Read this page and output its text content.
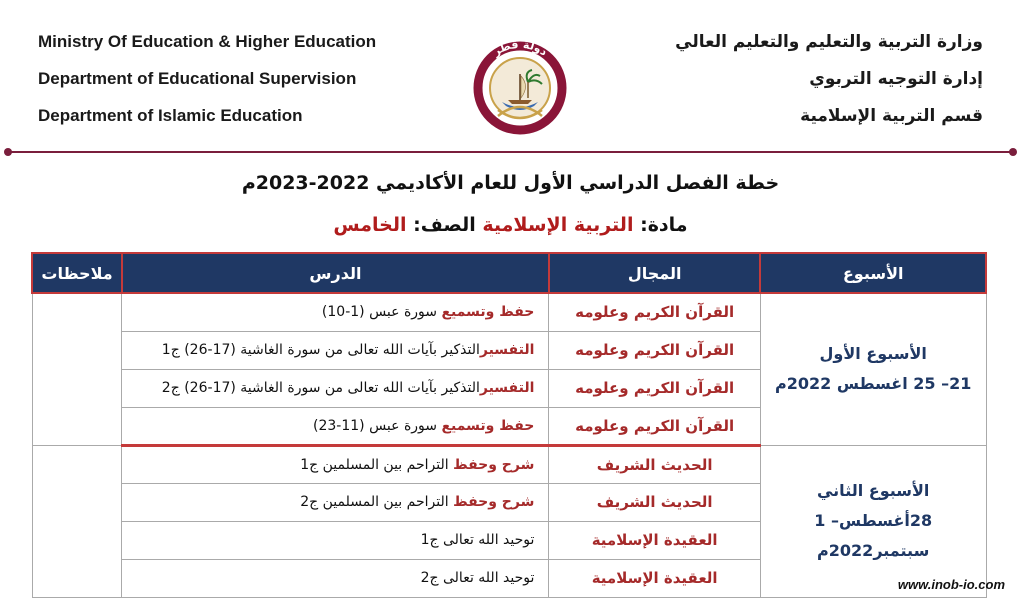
Ministry Of Education & Higher Education
Department of Educational Supervision
Department of Islamic Education
وزارة التربية والتعليم والتعليم العالي
إدارة التوجيه التربوي
قسم التربية الإسلامية
دولة قطر
خطة الفصل الدراسي الأول للعام الأكاديمي 2022-2023م
مادة: التربية الإسلامية الصف: الخامس
الأسبوع	المجال	الدرس	ملاحظات

الأسبوع الأول
21– 25 اغسطس 2022م	القرآن الكريم وعلومه	حفظ وتسميع سورة عبس (1-10)	
	القرآن الكريم وعلومه	التفسيرالتذكير بآيات الله تعالى من سورة الغاشية (17-26) ج1	
	القرآن الكريم وعلومه	التفسيرالتذكير بآيات الله تعالى من سورة الغاشية (17-26) ج2	
	القرآن الكريم وعلومه	حفظ وتسميع سورة عبس (11-23)	

الأسبوع الثاني
28أغسطس– 1 سبتمبر2022م	الحديث الشريف	شرح وحفظ التراحم بين المسلمين ج1	
	الحديث الشريف	شرح وحفظ التراحم بين المسلمين ج2	
	العقيدة الإسلامية	توحيد الله تعالى ج1	
	العقيدة الإسلامية	توحيد الله تعالى ج2		www.inob-io.com
